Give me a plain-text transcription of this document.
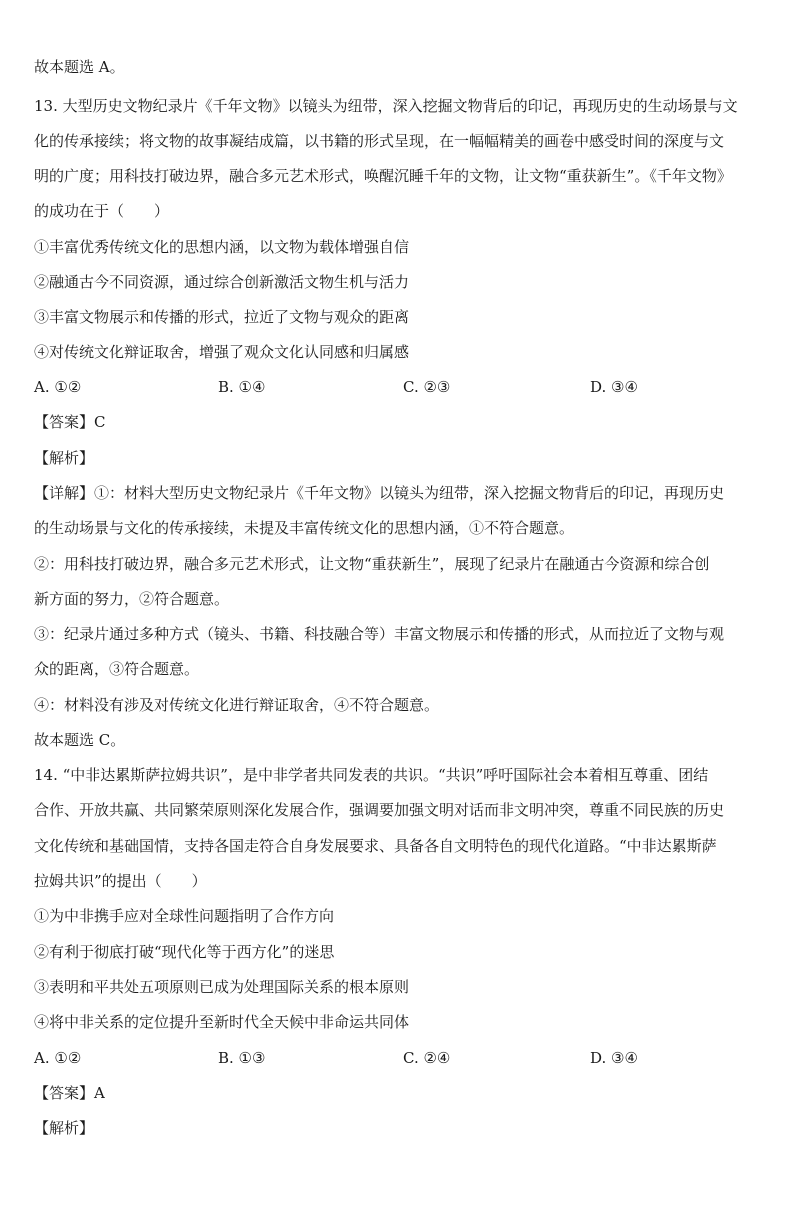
故本题选 A。
13. 大型历史文物纪录片《千年文物》以镜头为纽带，深入挖掘文物背后的印记，再现历史的生动场景与文
化的传承接续；将文物的故事凝结成篇，以书籍的形式呈现，在一幅幅精美的画卷中感受时间的深度与文
明的广度；用科技打破边界，融合多元艺术形式，唤醒沉睡千年的文物，让文物“重获新生”。《千年文物》
的成功在于（　　）
①丰富优秀传统文化的思想内涵，以文物为载体增强自信
②融通古今不同资源，通过综合创新激活文物生机与活力
③丰富文物展示和传播的形式，拉近了文物与观众的距离
④对传统文化辩证取舍，增强了观众文化认同感和归属感
A. ①②	B. ①④	C. ②③	D. ③④
【答案】C
【解析】
【详解】①：材料大型历史文物纪录片《千年文物》以镜头为纽带，深入挖掘文物背后的印记，再现历史
的生动场景与文化的传承接续，未提及丰富传统文化的思想内涵，①不符合题意。
②：用科技打破边界，融合多元艺术形式，让文物“重获新生”，展现了纪录片在融通古今资源和综合创
新方面的努力，②符合题意。
③：纪录片通过多种方式（镜头、书籍、科技融合等）丰富文物展示和传播的形式，从而拉近了文物与观
众的距离，③符合题意。
④：材料没有涉及对传统文化进行辩证取舍，④不符合题意。
故本题选 C。
14. “中非达累斯萨拉姆共识”，是中非学者共同发表的共识。“共识”呼吁国际社会本着相互尊重、团结
合作、开放共赢、共同繁荣原则深化发展合作，强调要加强文明对话而非文明冲突，尊重不同民族的历史
文化传统和基础国情，支持各国走符合自身发展要求、具备各自文明特色的现代化道路。“中非达累斯萨
拉姆共识”的提出（　　）
①为中非携手应对全球性问题指明了合作方向
②有利于彻底打破“现代化等于西方化”的迷思
③表明和平共处五项原则已成为处理国际关系的根本原则
④将中非关系的定位提升至新时代全天候中非命运共同体
A. ①②	B. ①③	C. ②④	D. ③④
【答案】A
【解析】
